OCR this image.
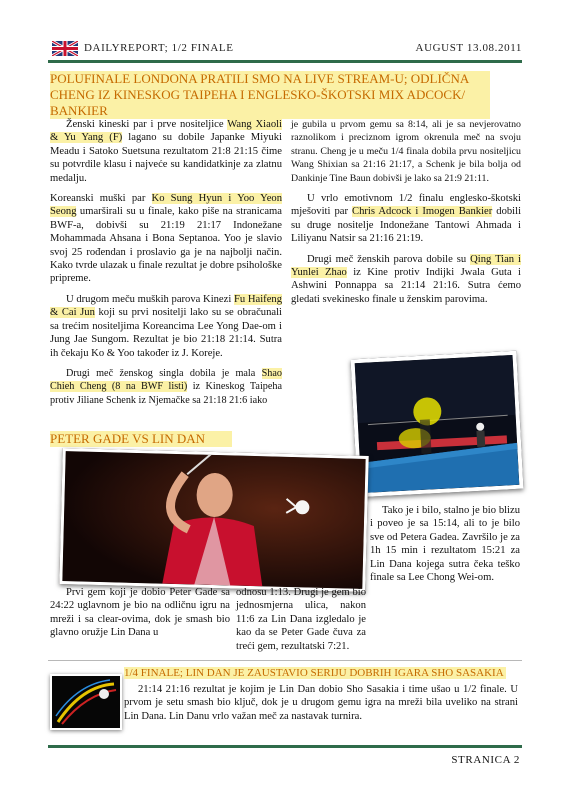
DAILYREPORT; 1/2 FINALE	AUGUST 13.08.2011
POLUFINALE LONDONA PRATILI SMO NA LIVE STREAM-U; ODLIČNA CHENG IZ KINESKOG TAIPEHA I ENGLESKO-ŠKOTSKI MIX ADCOCK/ BANKIER

Ženski kineski par i prve nositeljice Wang Xiaoli & Yu Yang (F) lagano su dobile Japanke Miyuki Meadu i Satoko Suetsuna rezultatom 21:8 21:15 čime su potvrdile klasu i najveće su kandidatkinje za zlatnu medalju.

Koreanski muški par Ko Sung Hyun i Yoo Yeon Seong umarširali su u finale, kako piše na stranicama BWF-a, dobivši su 21:19 21:17 Indonežane Mohammada Ahsana i Bona Septanoa. Yoo je slavio svoj 25 rođendan i proslavio ga je na najbolji način. Kako tvrde ulazak u finale rezultat je dobre psihološke pripreme.

U drugom meču muških parova Kinezi Fu Haifeng & Cai Jun koji su prvi nositelji lako su se obračunali sa trećim nositeljima Koreancima Lee Yong Dae-om i Jung Jae Sungom. Rezultat je bio 21:18 21:14. Sutra ih čekaju Ko & Yoo također iz J. Koreje.

Drugi meč ženskog singla dobila je mala Shao Chieh Cheng (8 na BWF listi) iz Kineskog Taipeha protiv Jiliane Schenk iz Njemačke sa 21:18 21:6 iako

je gubila u prvom gemu sa 8:14, ali je sa nevjerovatno raznolikom i preciznom igrom okrenula meč na svoju stranu. Cheng je u meču 1/4 finala dobila prvu nositeljicu Wang Shixian sa 21:16 21:17, a Schenk je bila bolja od Dankinje Tine Baun dobivši je lako sa 21:9 21:11.

U vrlo emotivnom 1/2 finalu englesko-škotski mješoviti par Chris Adcock i Imogen Bankier dobili su druge nositelje Indonežane Tantowi Ahmada i Liliyanu Natsir sa 21:16 21:19.

Drugi meč ženskih parova dobile su Qing Tian i Yunlei Zhao iz Kine protiv Indijki Jwala Guta i Ashwini Ponnappa sa 21:14 21:16. Sutra ćemo gledati svekinesko finale u ženskim parovima.

PETER GADE VS LIN DAN
Tako je i bilo, stalno je bio blizu i poveo je sa 15:14, ali to je bilo sve od Petera Gadea. Završilo je za 1h 15 min i rezultatom 15:21 za Lin Dana kojega sutra čeka teško finale sa Lee Chong Wei-om.
Prvi gem koji je dobio Peter Gade sa 24:22 uglavnom je bio na odličnu igru na mreži i sa clear-ovima, dok je smash bio glavno oružje Lin Dana u
odnosu 1:13. Drugi je gem bio jednosmjerna ulica, nakon 11:6 za Lin Dana izgledalo je kao da se Peter Gade čuva za treći gem, rezultatski 7:21.
1/4 FINALE; LIN DAN JE ZAUSTAVIO SERIJU DOBRIH IGARA SHO SASAKIA
21:14 21:16 rezultat je kojim je Lin Dan dobio Sho Sasakia i time ušao u 1/2 finale. U prvom je setu smash bio ključ, dok je u drugom gemu igra na mreži bila uveliko na strani Lin Dana. Lin Danu vrlo važan meč za nastavak turnira.
STRANICA 2
